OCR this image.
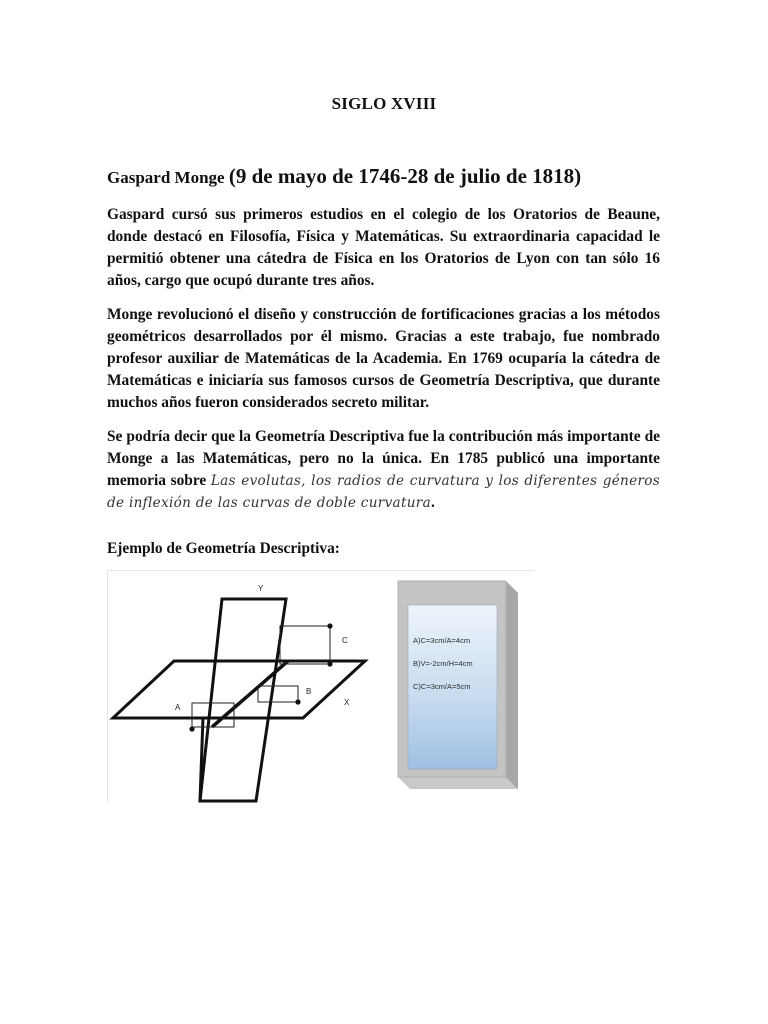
SIGLO XVIII
Gaspard Monge (9 de mayo de 1746-28 de julio de 1818)

Gaspard cursó sus primeros estudios en el colegio de los Oratorios de Beaune, donde destacó en Filosofía, Física y Matemáticas. Su extraordinaria capacidad le permitió obtener una cátedra de Física en los Oratorios de Lyon con tan sólo 16 años, cargo que ocupó durante tres años.

Monge revolucionó el diseño y construcción de fortificaciones gracias a los métodos geométricos desarrollados por él mismo. Gracias a este trabajo, fue nombrado profesor auxiliar de Matemáticas de la Academia. En 1769 ocuparía la cátedra de Matemáticas e iniciaría sus famosos cursos de Geometría Descriptiva, que durante muchos años fueron considerados secreto militar.

Se podría decir que la Geometría Descriptiva fue la contribución más importante de Monge a las Matemáticas, pero no la única. En 1785 publicó una importante memoria sobre Las evolutas, los radios de curvatura y los diferentes géneros de inflexión de las curvas de doble curvatura.

Ejemplo de Geometría Descriptiva:
C
B
A
Y
X
A)C=3cm/A=4cm
B)V=-2cm/H=4cm
C)C=3cm/A=5cm
